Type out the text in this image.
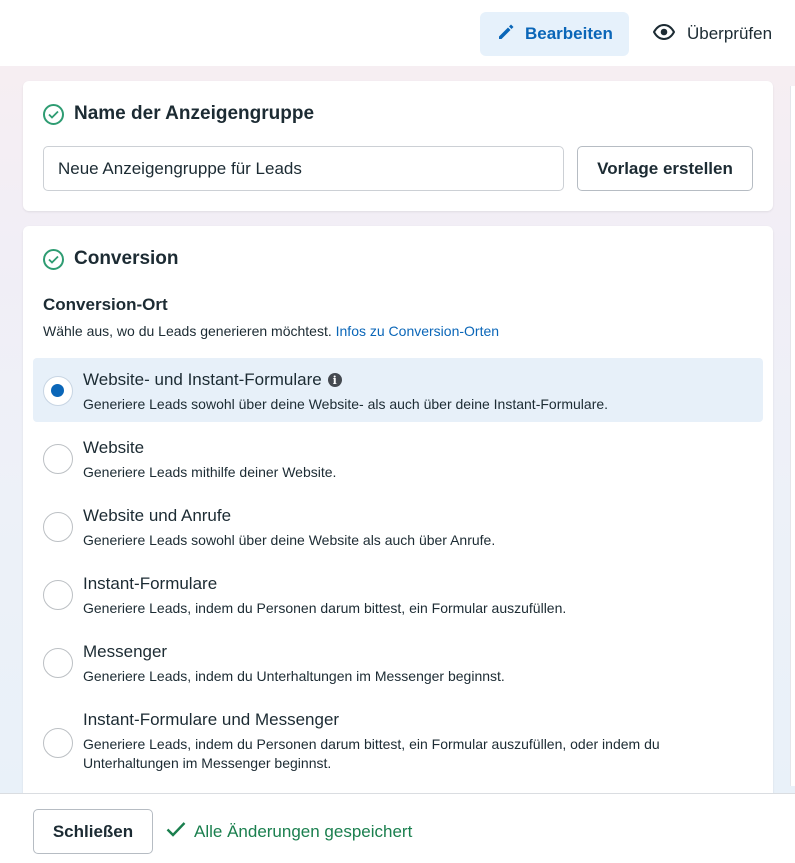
Bearbeiten	Überprüfen
Name der Anzeigengruppe
Neue Anzeigengruppe für Leads
Vorlage erstellen
Conversion
Conversion-Ort
Wähle aus, wo du Leads generieren möchtest. Infos zu Conversion-Orten
Website- und Instant-Formulare i
Generiere Leads sowohl über deine Website- als auch über deine Instant-Formulare.
Website
Generiere Leads mithilfe deiner Website.
Website und Anrufe
Generiere Leads sowohl über deine Website als auch über Anrufe.
Instant-Formulare
Generiere Leads, indem du Personen darum bittest, ein Formular auszufüllen.
Messenger
Generiere Leads, indem du Unterhaltungen im Messenger beginnst.
Instant-Formulare und Messenger
Generiere Leads, indem du Personen darum bittest, ein Formular auszufüllen, oder indem du Unterhaltungen im Messenger beginnst.
Schließen	Alle Änderungen gespeichert
